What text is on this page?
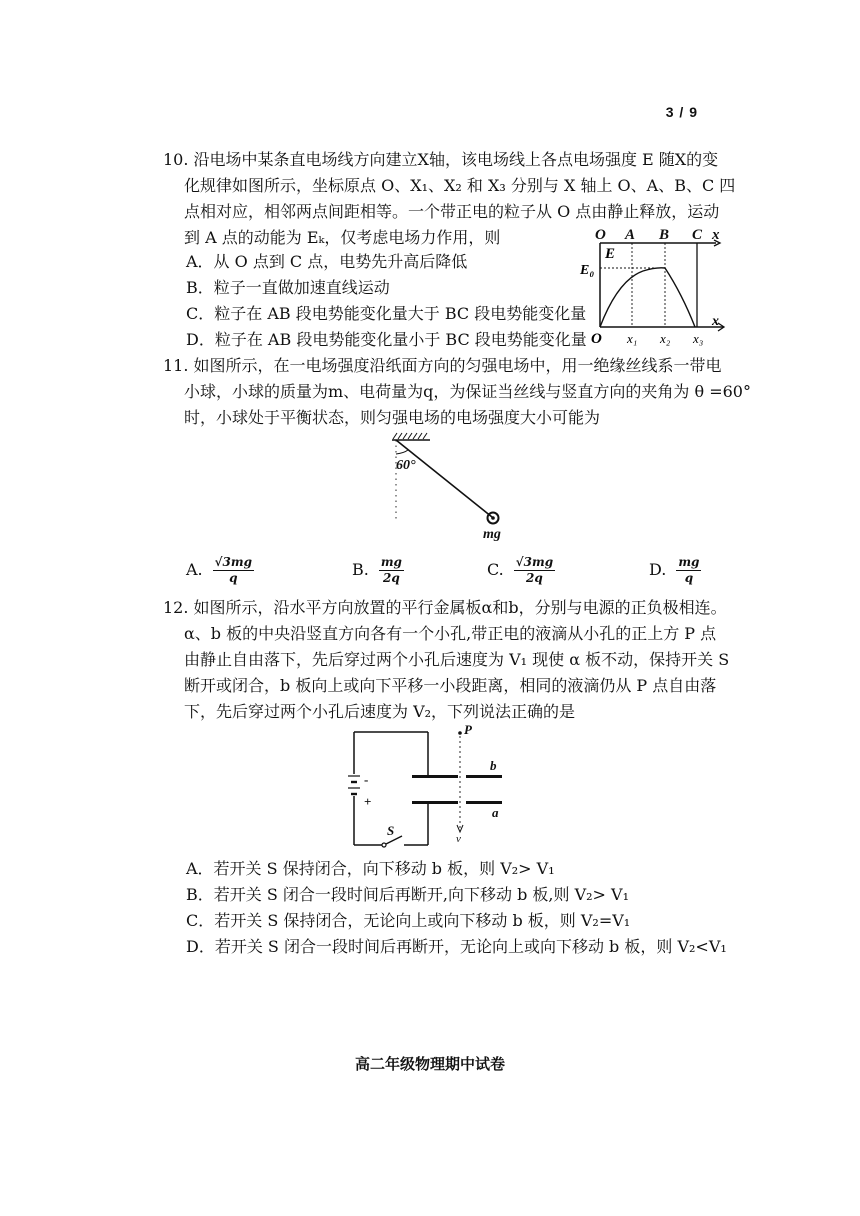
3 / 9
10. 沿电场中某条直电场线方向建立X轴，该电场线上各点电场强度 E 随X的变
化规律如图所示，坐标原点 O、X₁、X₂ 和 X₃ 分别与 X 轴上 O、A、B、C 四
点相对应，相邻两点间距相等。一个带正电的粒子从 O 点由静止释放，运动
到 A 点的动能为 Eₖ，仅考虑电场力作用，则
A．从 O 点到 C 点，电势先升高后降低
B．粒子一直做加速直线运动
C．粒子在 AB 段电势能变化量大于 BC 段电势能变化量
D．粒子在 AB 段电势能变化量小于 BC 段电势能变化量
O A B C x
E
E₀
O x₁ x₂ x₃
x
11. 如图所示，在一电场强度沿纸面方向的匀强电场中，用一绝缘丝线系一带电
小球，小球的质量为m、电荷量为q，为保证当丝线与竖直方向的夹角为 θ =60°
时，小球处于平衡状态，则匀强电场的电场强度大小可能为
60°
mg
A. $\frac{√3mg}{q}$	B. $\frac{mg}{2q}$	C. $\frac{√3mg}{2q}$	D. $\frac{mg}{q}$
12. 如图所示，沿水平方向放置的平行金属板α和b，分别与电源的正负极相连。
α、b 板的中央沿竖直方向各有一个小孔,带正电的液滴从小孔的正上方 P 点
由静止自由落下，先后穿过两个小孔后速度为 V₁ 现使 α 板不动，保持开关 S
断开或闭合，b 板向上或向下平移一小段距离，相同的液滴仍从 P 点自由落
下，先后穿过两个小孔后速度为 V₂，下列说法正确的是
-
+
S
P
v
b
a
A．若开关 S 保持闭合，向下移动 b 板，则 V₂> V₁
B．若开关 S 闭合一段时间后再断开,向下移动 b 板,则 V₂> V₁
C．若开关 S 保持闭合，无论向上或向下移动 b 板，则 V₂=V₁
D．若开关 S 闭合一段时间后再断开，无论向上或向下移动 b 板，则 V₂<V₁
高二年级物理期中试卷
